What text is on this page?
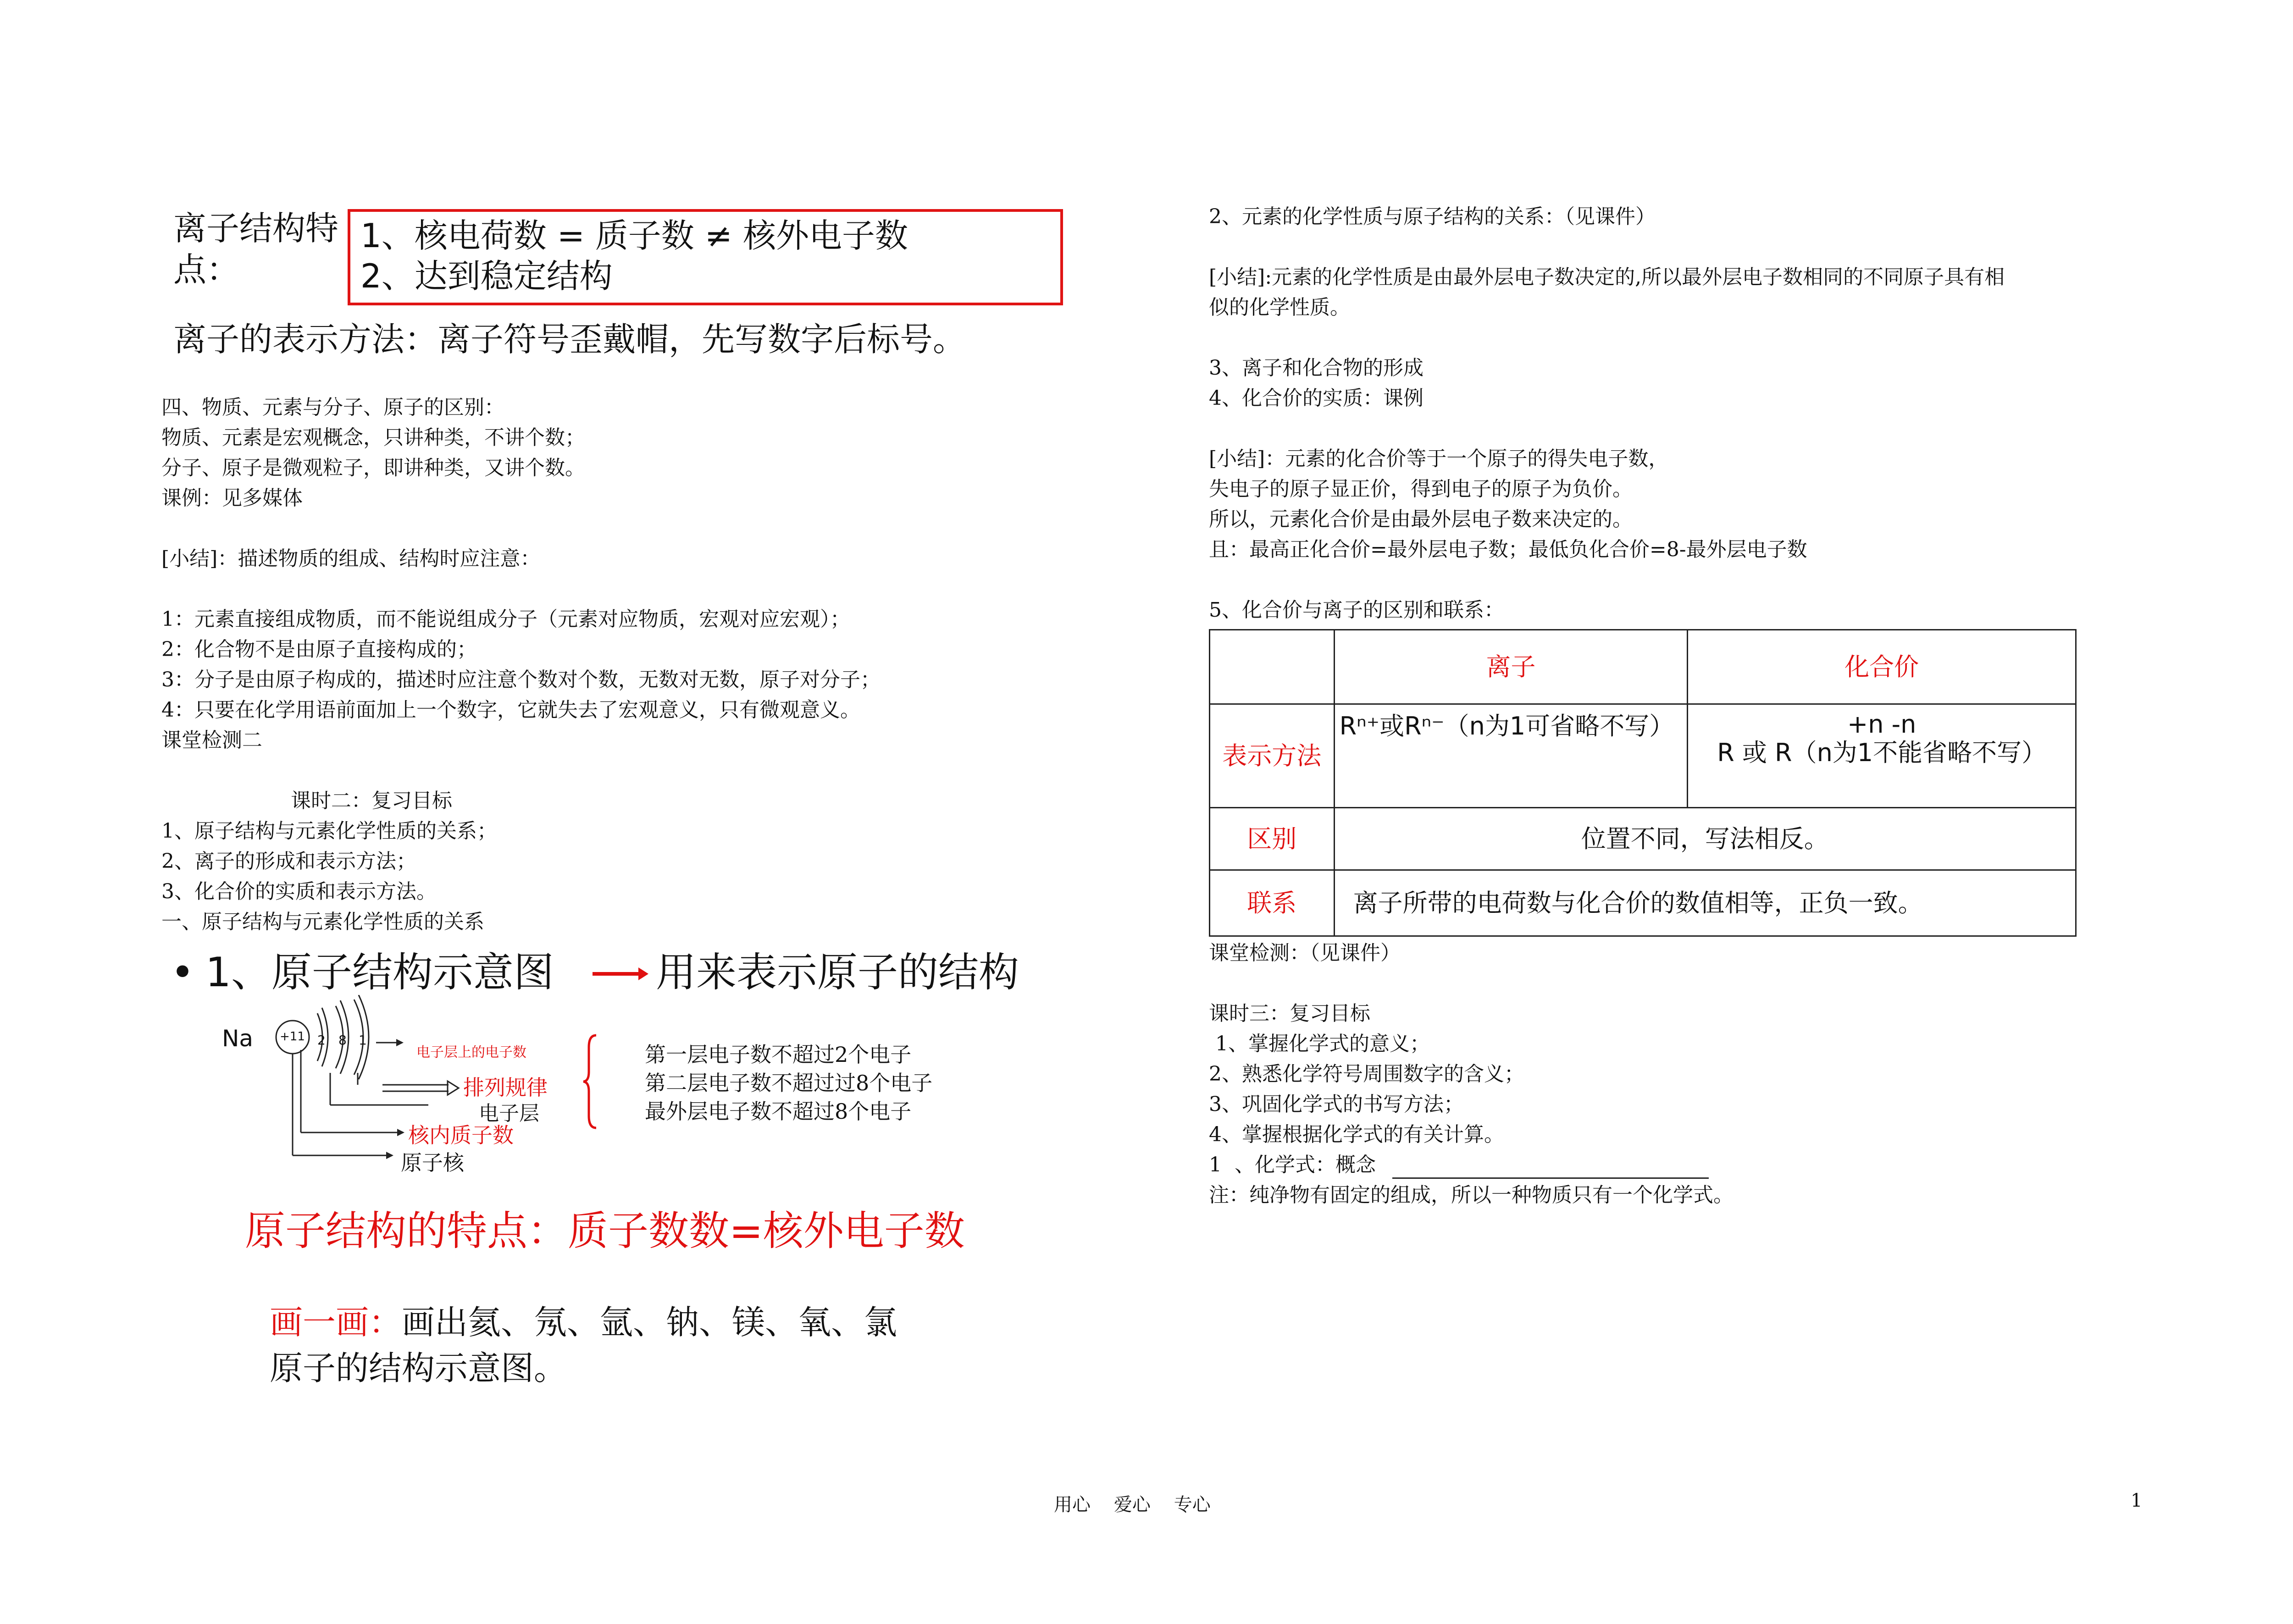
离子结构特
点：
1、核电荷数 = 质子数 ≠ 核外电子数
2、达到稳定结构
离子的表示方法：离子符号歪戴帽，先写数字后标号。
四、物质、元素与分子、原子的区别：
物质、元素是宏观概念，只讲种类，不讲个数；
分子、原子是微观粒子，即讲种类，又讲个数。
课例：见多媒体
[小结]：描述物质的组成、结构时应注意：
1：元素直接组成物质，而不能说组成分子（元素对应物质，宏观对应宏观）；
2：化合物不是由原子直接构成的；
3：分子是由原子构成的，描述时应注意个数对个数，无数对无数，原子对分子；
4：只要在化学用语前面加上一个数字，它就失去了宏观意义，只有微观意义。
课堂检测二
课时二：复习目标
1、原子结构与元素化学性质的关系；
2、离子的形成和表示方法；
3、化合价的实质和表示方法。
一、原子结构与元素化学性质的关系
• 1、原子结构示意图	用来表示原子的结构
Na +11 2 8 1
电子层上的电子数
排列规律
电子层
核内质子数
原子核
第一层电子数不超过2个电子
第二层电子数不超过过8个电子
最外层电子数不超过8个电子
原子结构的特点：质子数数=核外电子数
画一画：画出氦、氖、氩、钠、镁、氧、氯
原子的结构示意图。
2、元素的化学性质与原子结构的关系：（见课件）
[小结]:元素的化学性质是由最外层电子数决定的,所以最外层电子数相同的不同原子具有相
似的化学性质。
3、离子和化合物的形成
4、化合价的实质：课例
[小结]：元素的化合价等于一个原子的得失电子数，
失电子的原子显正价，得到电子的原子为负价。
所以，元素化合价是由最外层电子数来决定的。
且：最高正化合价=最外层电子数；最低负化合价=8-最外层电子数
5、化合价与离子的区别和联系：
	离子	化合价
表示方法	Rⁿ⁺或Rⁿ⁻（n为1可省略不写）	+n -n
R 或 R（n为1不能省略不写）

区别	位置不同，写法相反。	
联系	离子所带的电荷数与化合价的数值相等，正负一致。	
课堂检测：（见课件）
课时三：复习目标
1、掌握化学式的意义；
2、熟悉化学符号周围数字的含义；
3、巩固化学式的书写方法；
4、掌握根据化学式的有关计算。
1  、化学式：概念
注：纯净物有固定的组成，所以一种物质只有一个化学式。
用心    爱心    专心	1
